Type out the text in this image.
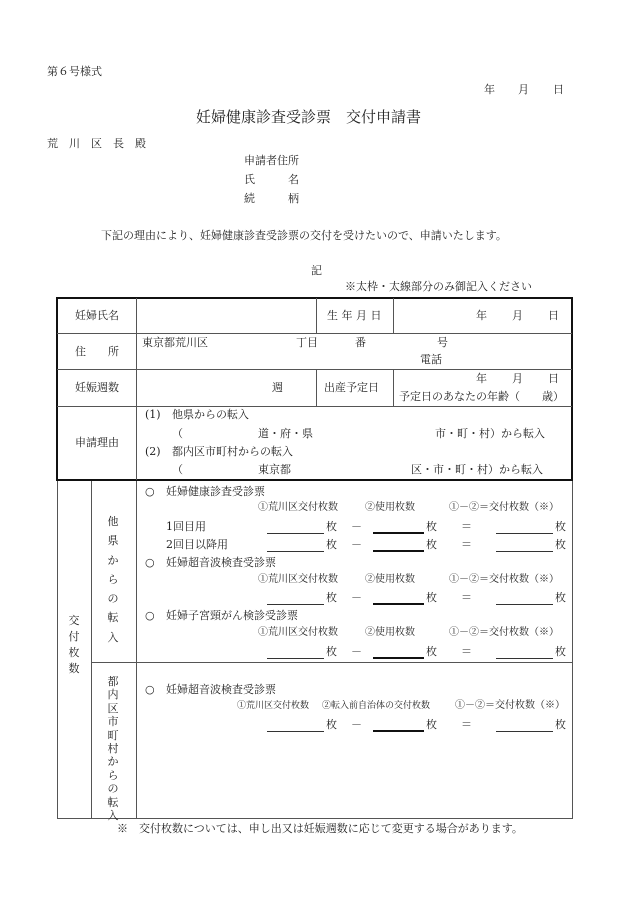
第６号様式
年 月 日
妊婦健康診査受診票　交付申請書
荒　川　区　長　殿
申請者住所
氏　　　名
続　　　柄
下記の理由により、妊婦健康診査受診票の交付を受けたいので、申請いたします。
記
※太枠・太線部分のみ御記入ください
妊婦氏名	生 年 月 日	年 月 日
住　　所
東京都荒川区	丁目	番	号
電話
妊娠週数	週	出産予定日
年 月 日
予定日のあなたの年齢（　　歳）
申請理由
(1) 他県からの転入
（	道・府・県	市・町・村）から転入
(2) 都内区市町村からの転入
（	東京都	区・市・町・村）から転入
交付枚数
他県からの転入
都内区市町村からの転入
○ 妊婦健康診査受診票
①荒川区交付枚数	②使用枚数	①－②＝交付枚数（※）
1回目用	枚 －	枚 ＝	枚
2回目以降用	枚 －	枚 ＝	枚
○ 妊婦超音波検査受診票
①荒川区交付枚数	②使用枚数	①－②＝交付枚数（※）
枚 －	枚 ＝	枚
○ 妊婦子宮頸がん検診受診票
①荒川区交付枚数	②使用枚数	①－②＝交付枚数（※）
枚 －	枚 ＝	枚
○ 妊婦超音波検査受診票
①荒川区交付枚数 ②転入前自治体の交付枚数 ①－②＝交付枚数（※）
枚 －	枚 ＝	枚
※　交付枚数については、申し出又は妊娠週数に応じて変更する場合があります。
